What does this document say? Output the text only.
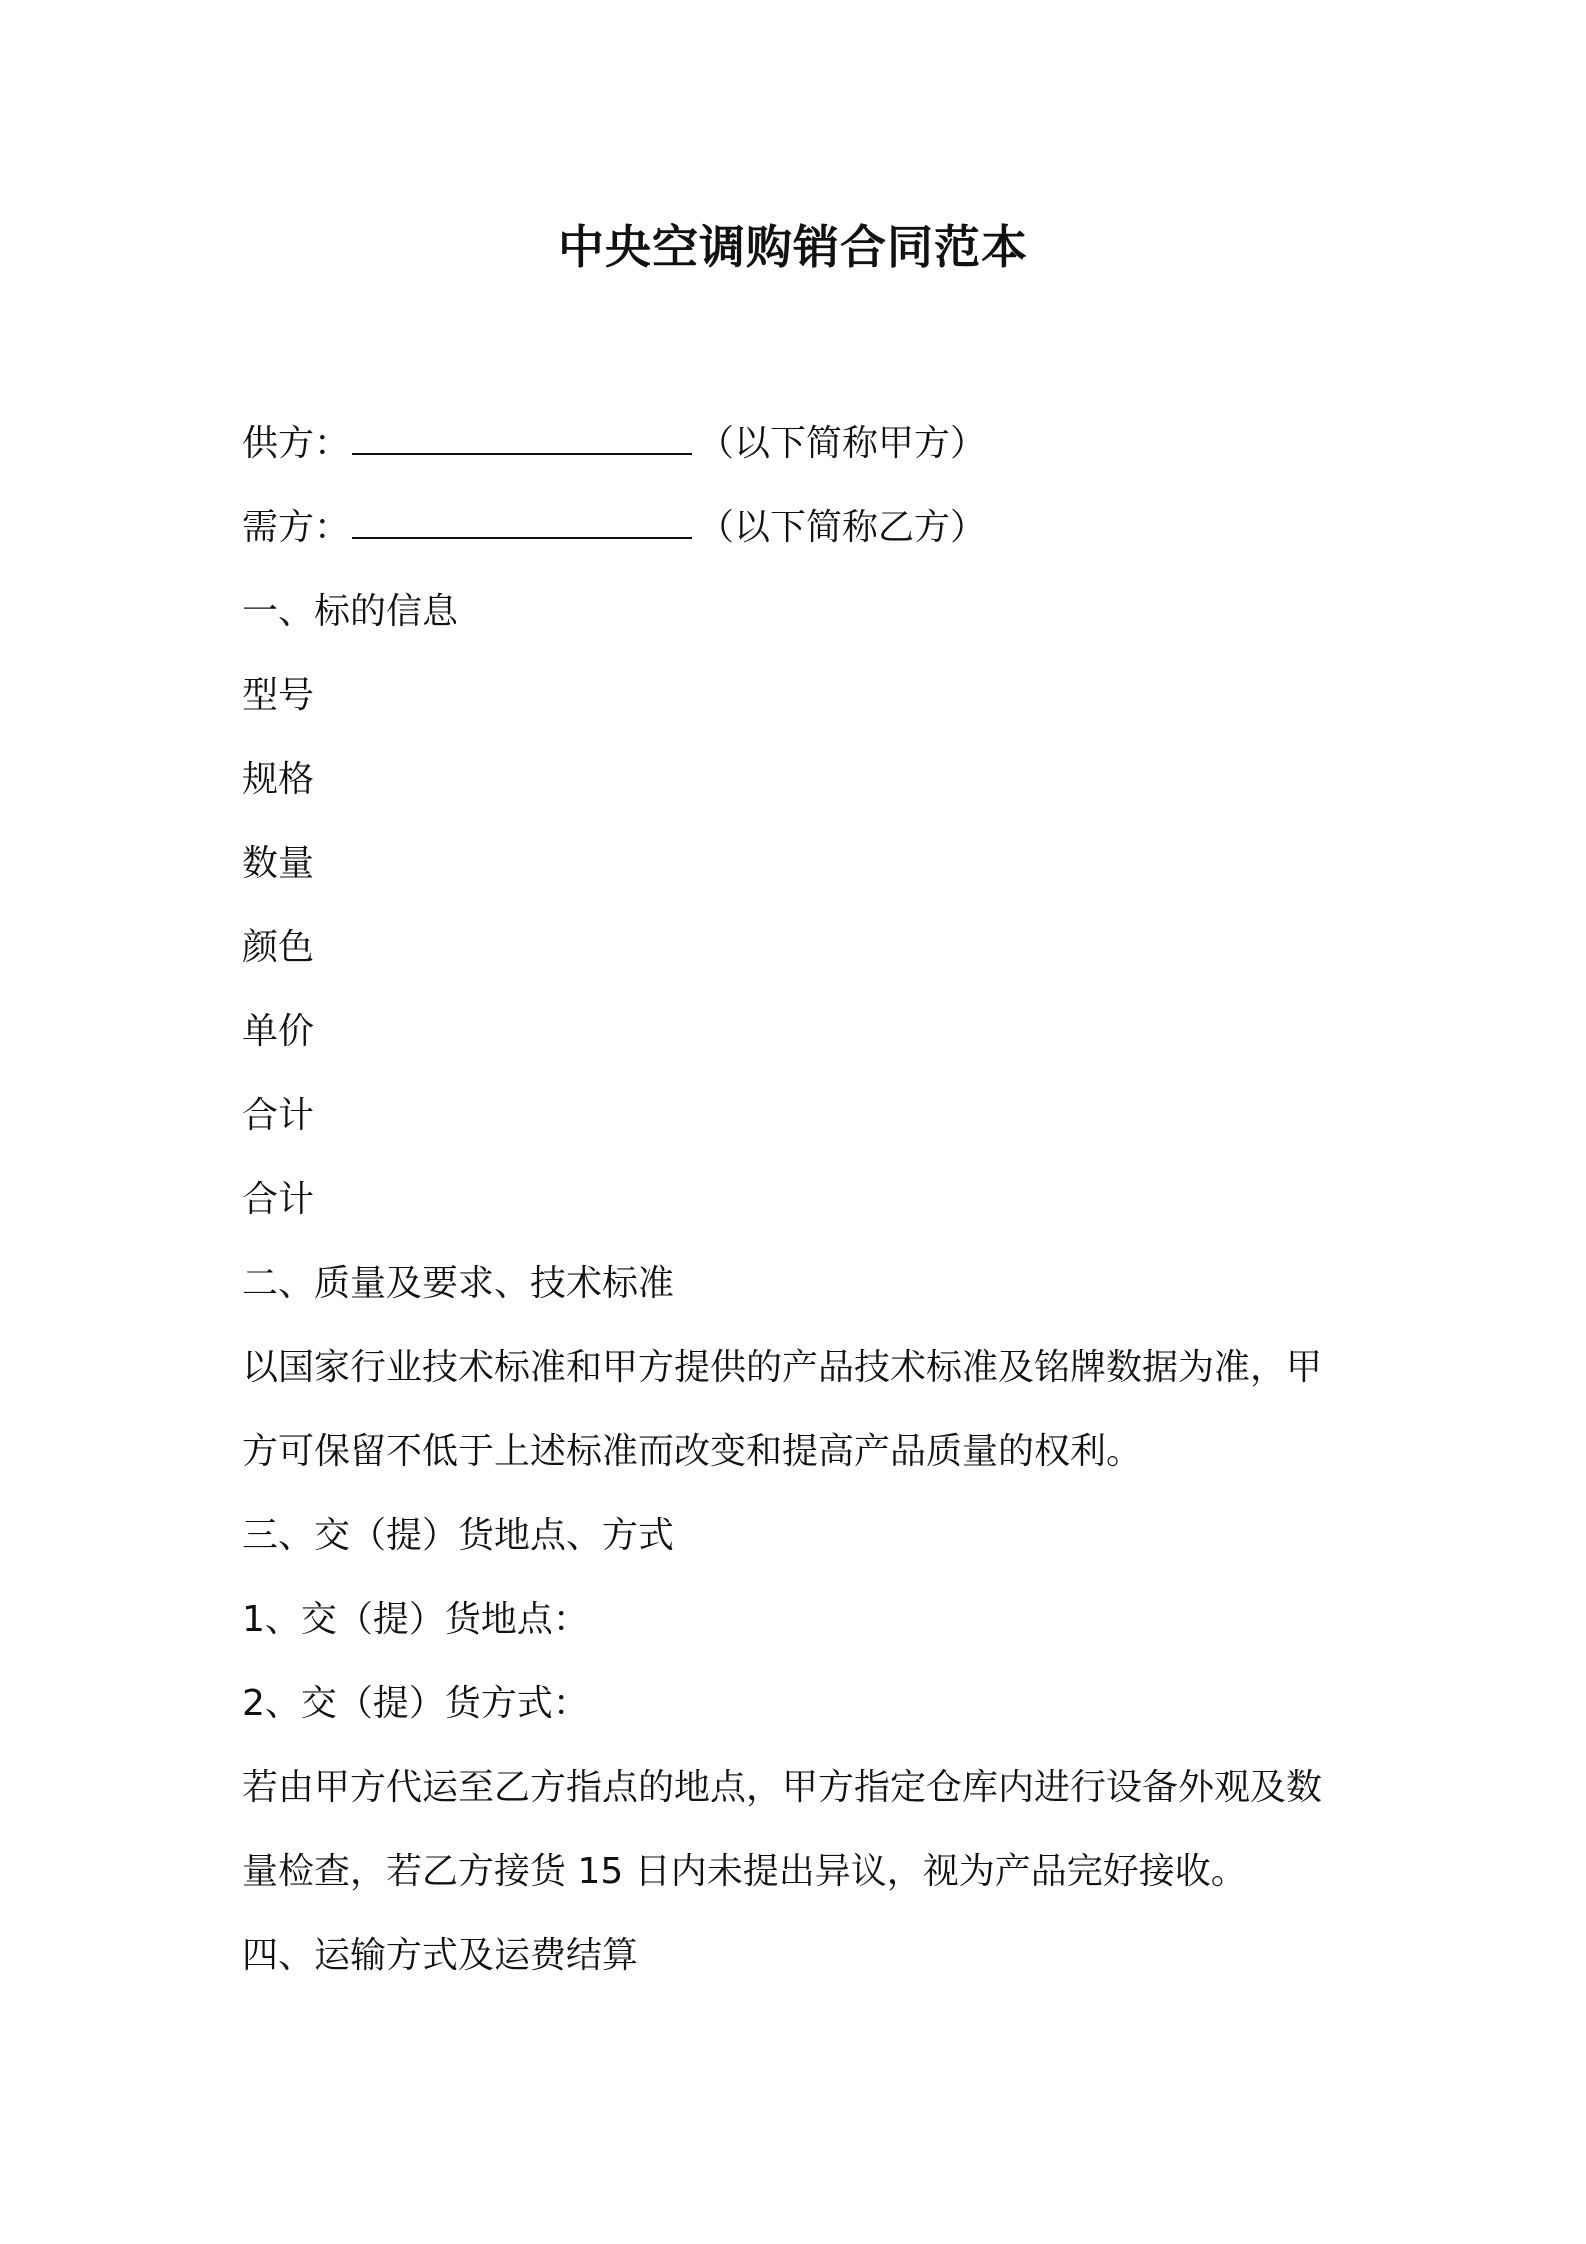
中央空调购销合同范本
供方：	（以下简称甲方）
需方：	（以下简称乙方）
一、标的信息
型号
规格
数量
颜色
单价
合计
合计
二、质量及要求、技术标准
以国家行业技术标准和甲方提供的产品技术标准及铭牌数据为准，甲
方可保留不低于上述标准而改变和提高产品质量的权利。
三、交（提）货地点、方式
1、交（提）货地点：
2、交（提）货方式：
若由甲方代运至乙方指点的地点，甲方指定仓库内进行设备外观及数
量检查，若乙方接货 15 日内未提出异议，视为产品完好接收。
四、运输方式及运费结算
